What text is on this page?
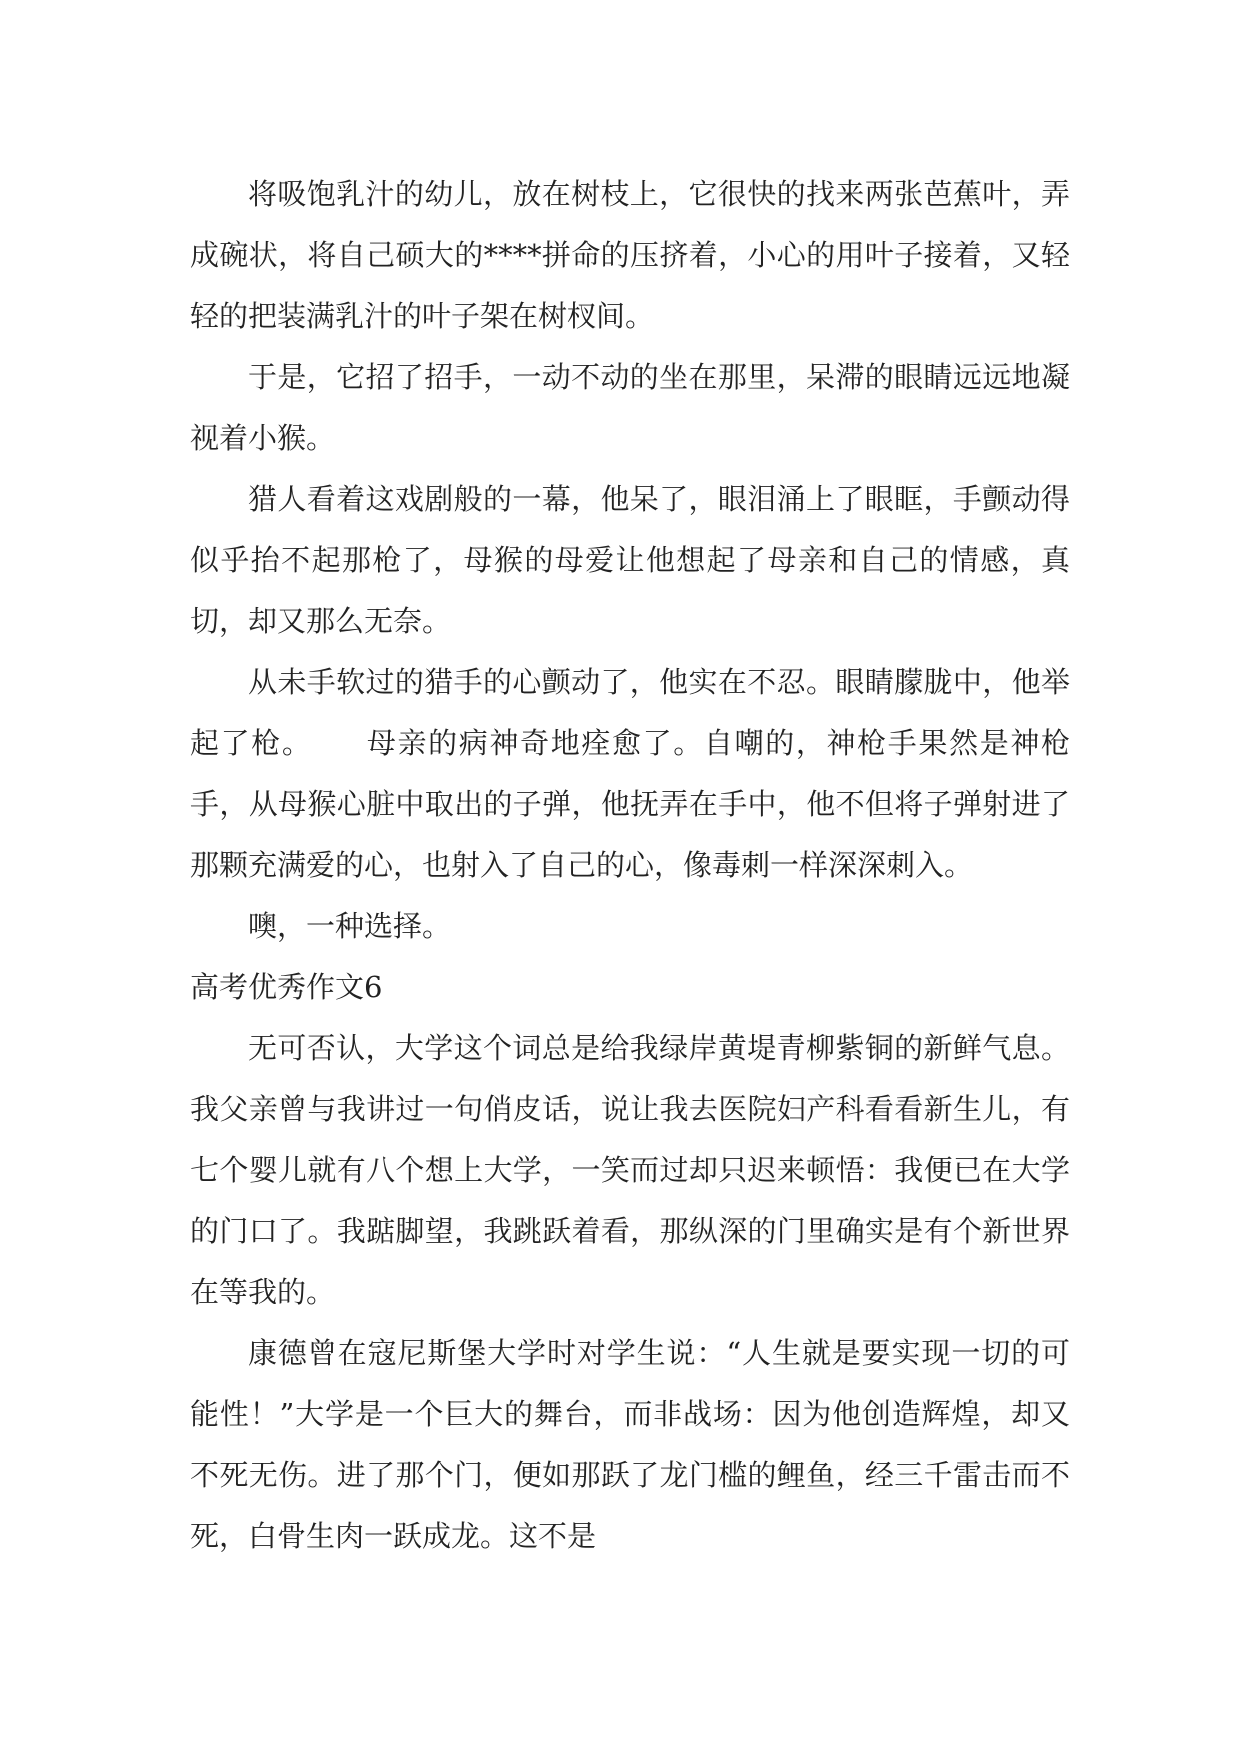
将吸饱乳汁的幼儿，放在树枝上，它很快的找来两张芭蕉叶，弄成碗状，将自己硕大的****拼命的压挤着，小心的用叶子接着，又轻轻的把装满乳汁的叶子架在树杈间。

于是，它招了招手，一动不动的坐在那里，呆滞的眼睛远远地凝视着小猴。

猎人看着这戏剧般的一幕，他呆了，眼泪涌上了眼眶，手颤动得似乎抬不起那枪了，母猴的母爱让他想起了母亲和自己的情感，真切，却又那么无奈。

从未手软过的猎手的心颤动了，他实在不忍。眼睛朦胧中，他举起了枪。     母亲的病神奇地痊愈了。自嘲的，神枪手果然是神枪手，从母猴心脏中取出的子弹，他抚弄在手中，他不但将子弹射进了那颗充满爱的心，也射入了自己的心，像毒刺一样深深刺入。

噢，一种选择。

高考优秀作文6

无可否认，大学这个词总是给我绿岸黄堤青柳紫铜的新鲜气息。我父亲曾与我讲过一句俏皮话，说让我去医院妇产科看看新生儿，有七个婴儿就有八个想上大学，一笑而过却只迟来顿悟：我便已在大学的门口了。我踮脚望，我跳跃着看，那纵深的门里确实是有个新世界在等我的。

康德曾在寇尼斯堡大学时对学生说：“人生就是要实现一切的可能性！”大学是一个巨大的舞台，而非战场：因为他创造辉煌，却又不死无伤。进了那个门，便如那跃了龙门槛的鲤鱼，经三千雷击而不死，白骨生肉一跃成龙。这不是
